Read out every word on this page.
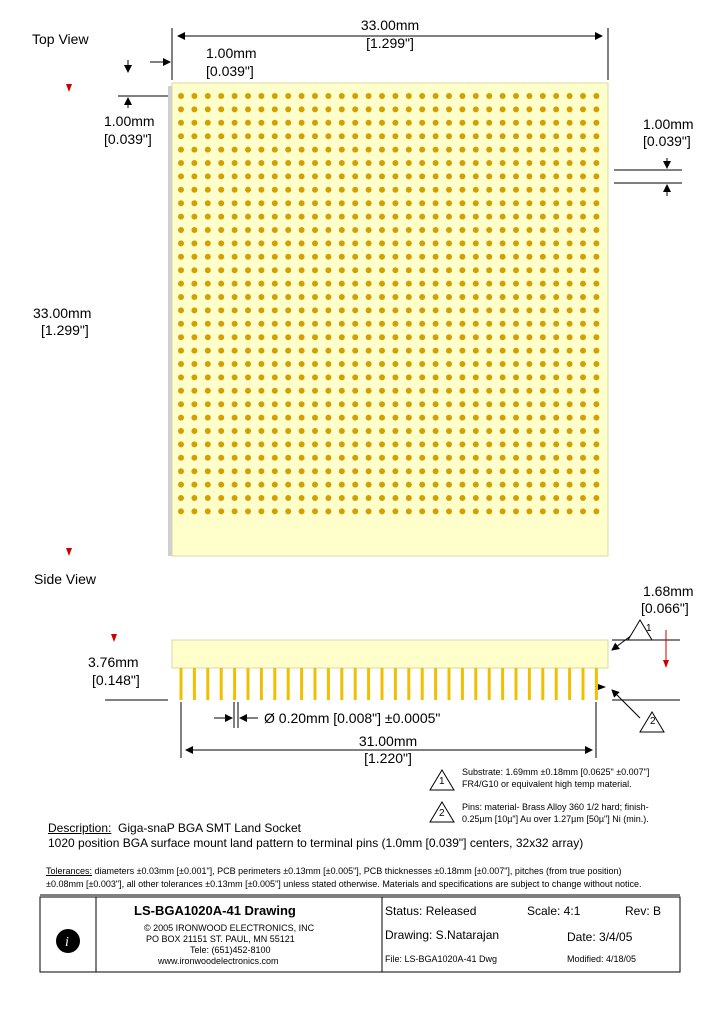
i
Top View
33.00mm
[1.299"]
1.00mm
[0.039"]
1.00mm
[0.039"]
1.00mm
[0.039"]
33.00mm
[1.299"]
Side View
1.68mm
[0.066"]
3.76mm
[0.148"]
Ø 0.20mm [0.008"] ±0.0005"
31.00mm
[1.220"]
1
2
1
2
Substrate: 1.69mm ±0.18mm [0.0625" ±0.007"]
FR4/G10 or equivalent high temp material.
Pins: material- Brass Alloy 360 1/2 hard; finish-
0.25µm [10µ"] Au over 1.27µm [50µ"] Ni (min.).
Description: Giga-snaP BGA SMT Land Socket
1020 position BGA surface mount land pattern to terminal pins (1.0mm [0.039"] centers, 32x32 array)
Tolerances: diameters ±0.03mm [±0.001"], PCB perimeters ±0.13mm [±0.005"], PCB thicknesses ±0.18mm [±0.007"], pitches (from true position)
±0.08mm [±0.003"], all other tolerances ±0.13mm [±0.005"] unless stated otherwise. Materials and specifications are subject to change without notice.
LS-BGA1020A-41 Drawing
© 2005 IRONWOOD ELECTRONICS, INC
PO BOX 21151 ST. PAUL, MN 55121
Tele: (651)452-8100
www.ironwoodelectronics.com
Status: Released	Scale: 4:1	Rev: B
Drawing: S.Natarajan	Date: 3/4/05
File: LS-BGA1020A-41 Dwg	Modified: 4/18/05
